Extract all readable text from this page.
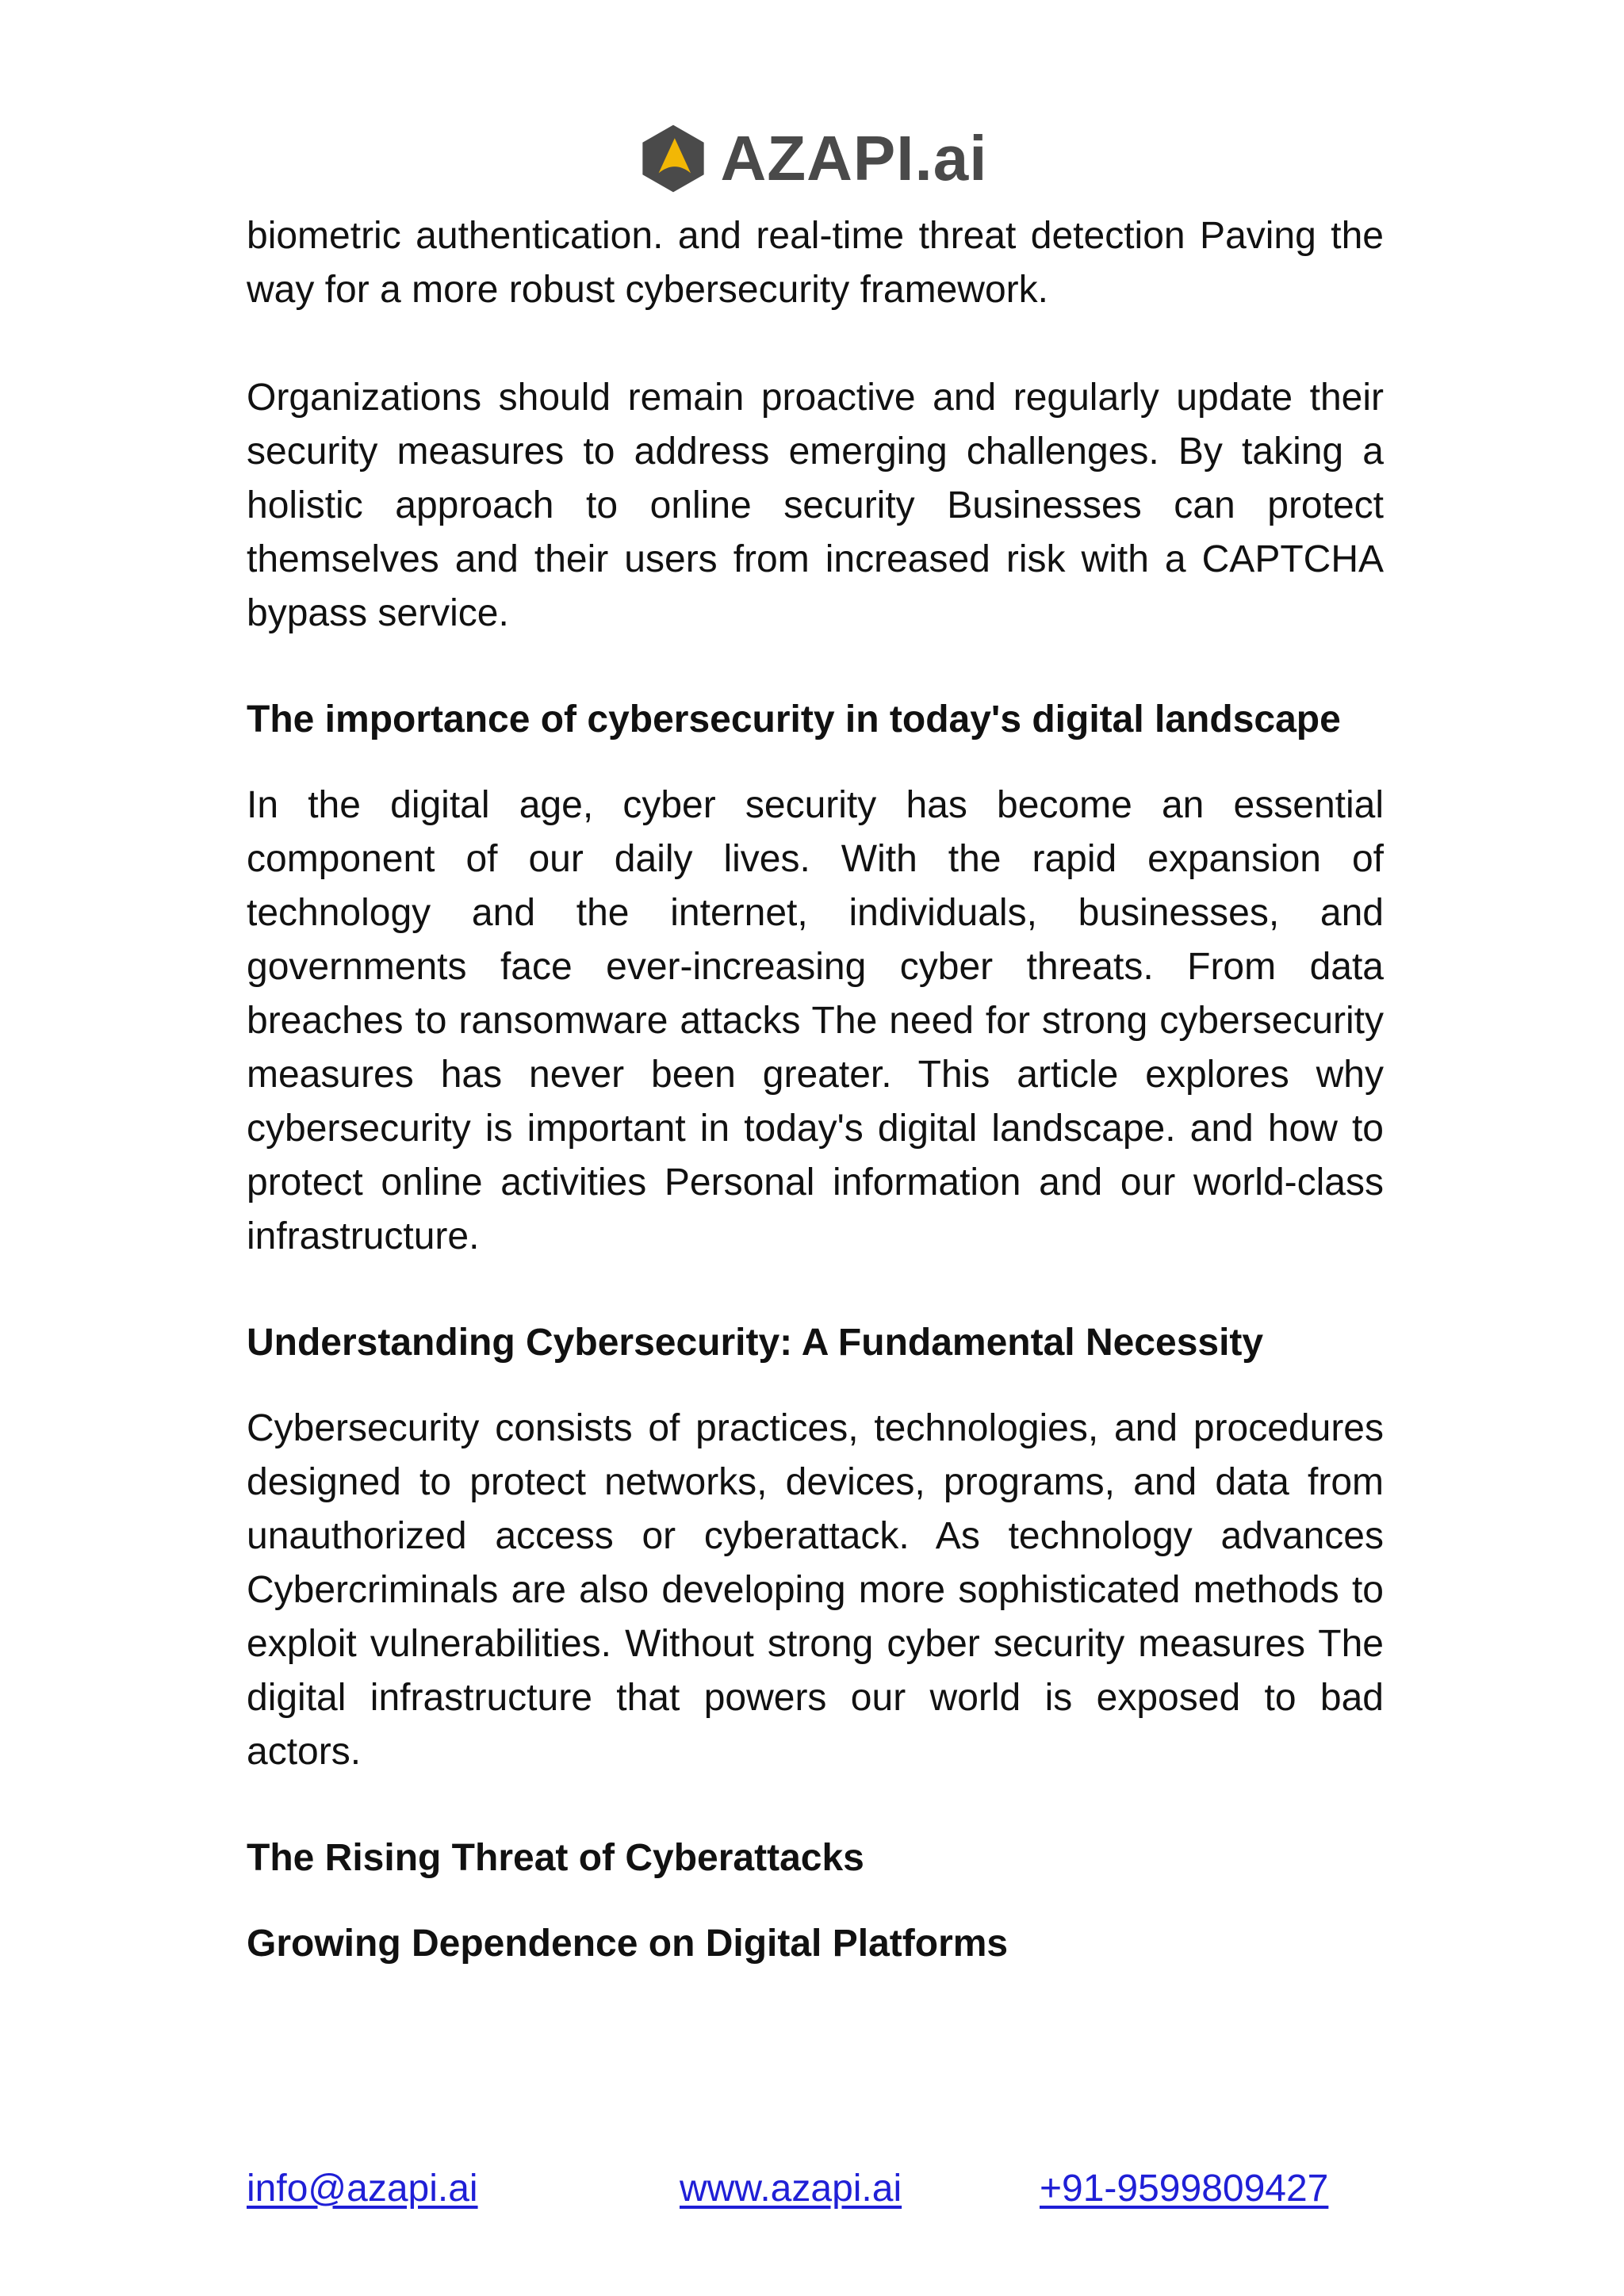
AZAPI.ai

biometric authentication. and real-time threat detection Paving the way for a more robust cybersecurity framework.

Organizations should remain proactive and regularly update their security measures to address emerging challenges. By taking a holistic approach to online security Businesses can protect themselves and their users from increased risk with a CAPTCHA bypass service.

The importance of cybersecurity in today's digital landscape

In the digital age, cyber security has become an essential component of our daily lives. With the rapid expansion of technology and the internet, individuals, businesses, and governments face ever-increasing cyber threats. From data breaches to ransomware attacks The need for strong cybersecurity measures has never been greater. This article explores why cybersecurity is important in today's digital landscape. and how to protect online activities Personal information and our world-class infrastructure.

Understanding Cybersecurity: A Fundamental Necessity

Cybersecurity consists of practices, technologies, and procedures designed to protect networks, devices, programs, and data from unauthorized access or cyberattack. As technology advances Cybercriminals are also developing more sophisticated methods to exploit vulnerabilities. Without strong cyber security measures The digital infrastructure that powers our world is exposed to bad actors.

The Rising Threat of Cyberattacks
Growing Dependence on Digital Platforms
info@azapi.ai	www.azapi.ai	+91-9599809427
